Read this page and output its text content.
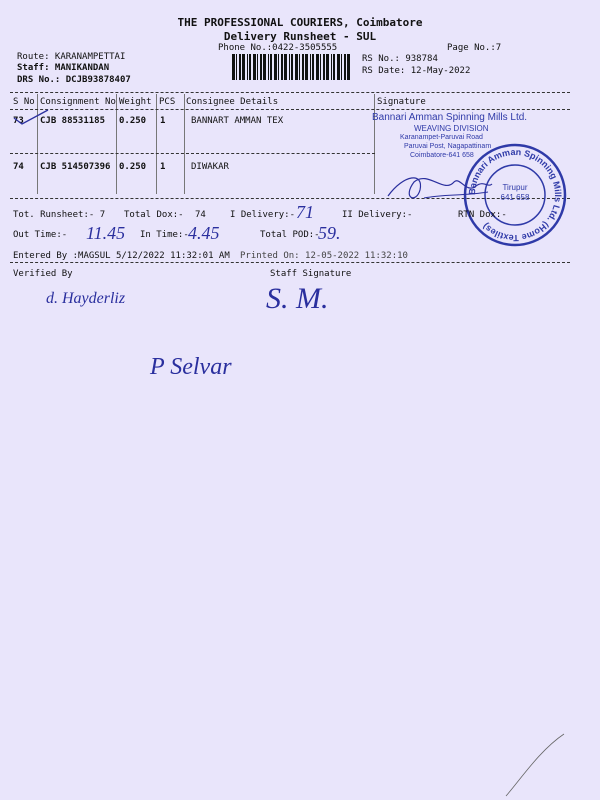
THE PROFESSIONAL COURIERS, Coimbatore
Delivery Runsheet - SUL
Phone No.:0422-3505555	Page No.:7
Route: KARANAMPETTAI
Staff: MANIKANDAN
DRS No.: DCJB93878407
RS No.: 938784
RS Date: 12-May-2022
S No Consignment No Weight PCS Consignee Details	Signature
73 CJB 88531185 0.250 1	BANNART AMMAN TEX
74 CJB 514507396 0.250 1	DIWAKAR
Bannari Amman Spinning Mills Ltd.
WEAVING DIVISION
Karanampet-Paruvai Road
Paruvai Post, Nagapattinam
Coimbatore-641 658
Bannari Amman Spinning Mills Ltd. (Home Textiles)
Tirupur
641 658
Tot. Runsheet:- 7 Total Dox:- 74	I Delivery:- 71	II Delivery:-	RTN Dox:-
Out Time:- 11.45 In Time:- 4.45	Total POD:-
59.
Entered By :MAGSUL 5/12/2022 11:32:01 AM Printed On: 12-05-2022 11:32:10
Verified By	Staff Signature
d. Hayderliz	S. M.
P Selvar
